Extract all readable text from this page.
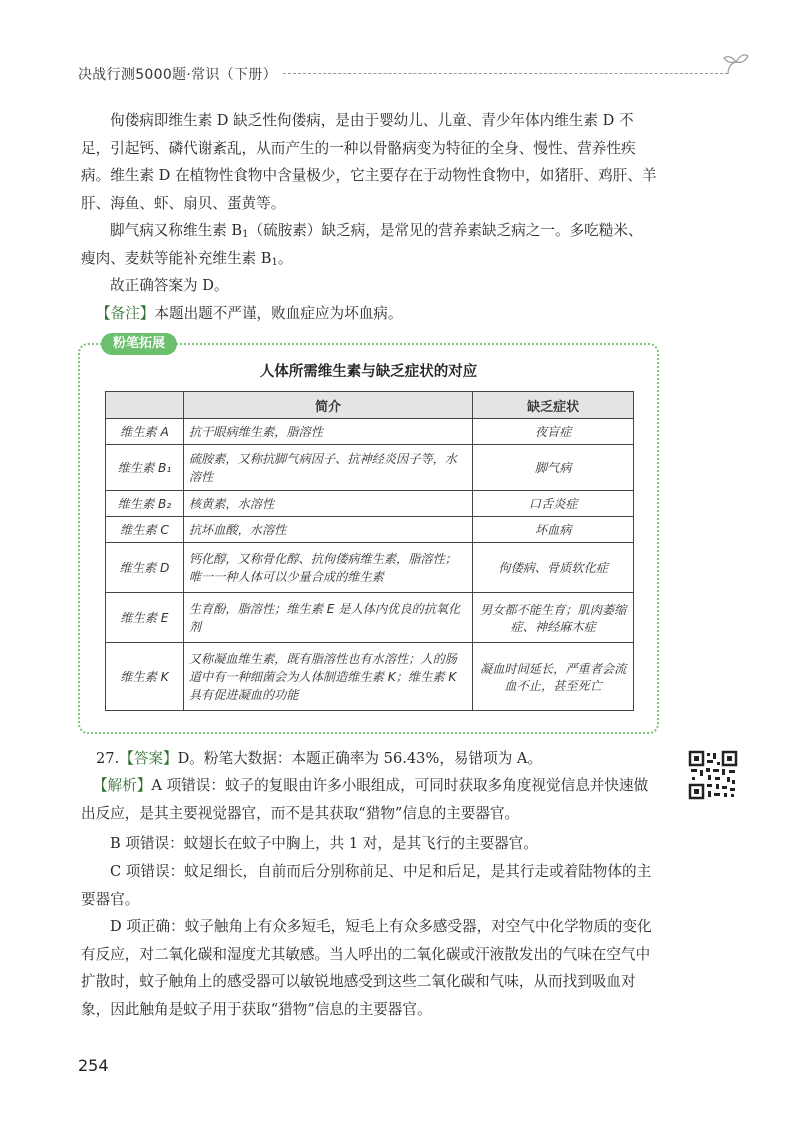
决战行测5000题·常识（下册）

佝偻病即维生素 D 缺乏性佝偻病，是由于婴幼儿、儿童、青少年体内维生素 D 不足，引起钙、磷代谢紊乱，从而产生的一种以骨骼病变为特征的全身、慢性、营养性疾病。维生素 D 在植物性食物中含量极少，它主要存在于动物性食物中，如猪肝、鸡肝、羊肝、海鱼、虾、扇贝、蛋黄等。

脚气病又称维生素 $B_1$（硫胺素）缺乏病，是常见的营养素缺乏病之一。多吃糙米、瘦肉、麦麸等能补充维生素 $B_1$。

故正确答案为 D。

【备注】本题出题不严谨，败血症应为坏血病。

粉笔拓展
人体所需维生素与缺乏症状的对应
	简介	缺乏症状
维生素 A	抗干眼病维生素，脂溶性	夜盲症
维生素 B₁	硫胺素，又称抗脚气病因子、抗神经炎因子等，水溶性	脚气病
维生素 B₂	核黄素，水溶性	口舌炎症
维生素 C	抗坏血酸，水溶性	坏血病
维生素 D	钙化醇，又称骨化醇、抗佝偻病维生素，脂溶性；唯一一种人体可以少量合成的维生素	佝偻病、骨质软化症
维生素 E	生育酚，脂溶性；维生素 E 是人体内优良的抗氧化剂	男女都不能生育；肌肉萎缩症、神经麻木症
维生素 K	又称凝血维生素，既有脂溶性也有水溶性；人的肠道中有一种细菌会为人体制造维生素 K；维生素 K 具有促进凝血的功能	凝血时间延长，严重者会流血不止，甚至死亡

27.【答案】D。粉笔大数据：本题正确率为 56.43%，易错项为 A。

【解析】A 项错误：蚊子的复眼由许多小眼组成，可同时获取多角度视觉信息并快速做出反应，是其主要视觉器官，而不是其获取“猎物”信息的主要器官。

B 项错误：蚊翅长在蚊子中胸上，共 1 对，是其飞行的主要器官。

C 项错误：蚊足细长，自前而后分别称前足、中足和后足，是其行走或着陆物体的主要器官。

D 项正确：蚊子触角上有众多短毛，短毛上有众多感受器，对空气中化学物质的变化有反应，对二氧化碳和湿度尤其敏感。当人呼出的二氧化碳或汗液散发出的气味在空气中扩散时，蚊子触角上的感受器可以敏锐地感受到这些二氧化碳和气味，从而找到吸血对象，因此触角是蚊子用于获取“猎物”信息的主要器官。

254
